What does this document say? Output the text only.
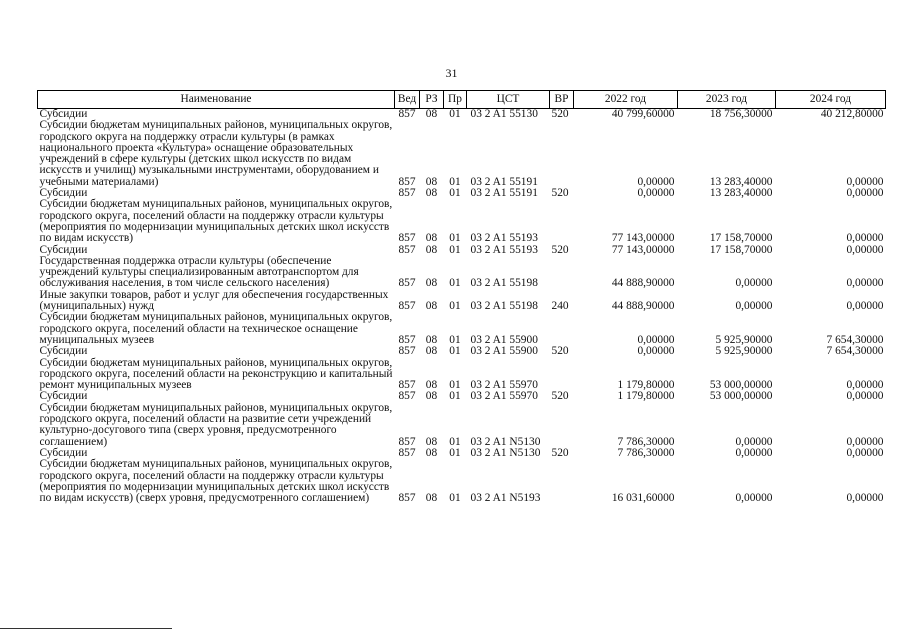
31
Наименование	Вед	РЗ	Пр	ЦСТ	ВР	2022 год	2023 год	2024 год
Субсидии	857	08	01	03 2 A1 55130	520	40 799,60000	18 756,30000	40 212,80000
Субсидии бюджетам муниципальных районов, муниципальных округов, городского округа на поддержку отрасли культуры (в рамках национального проекта «Культура» оснащение образовательных учреждений в сфере культуры (детских школ искусств по видам искусств и училищ) музыкальными инструментами, оборудованием и учебными материалами)	857	08	01	03 2 A1 55191		0,00000	13 283,40000	0,00000
Субсидии	857	08	01	03 2 A1 55191	520	0,00000	13 283,40000	0,00000
Субсидии бюджетам муниципальных районов, муниципальных округов, городского округа, поселений области на поддержку отрасли культуры (мероприятия по модернизации муниципальных детских школ искусств по видам искусств)	857	08	01	03 2 A1 55193		77 143,00000	17 158,70000	0,00000
Субсидии	857	08	01	03 2 A1 55193	520	77 143,00000	17 158,70000	0,00000
Государственная поддержка отрасли культуры (обеспечение учреждений культуры специализированным автотранспортом для обслуживания населения, в том числе сельского населения)	857	08	01	03 2 A1 55198		44 888,90000	0,00000	0,00000
Иные закупки товаров, работ и услуг для обеспечения государственных (муниципальных) нужд	857	08	01	03 2 A1 55198	240	44 888,90000	0,00000	0,00000
Субсидии бюджетам муниципальных районов, муниципальных округов, городского округа, поселений области на техническое оснащение муниципальных музеев	857	08	01	03 2 A1 55900		0,00000	5 925,90000	7 654,30000
Субсидии	857	08	01	03 2 A1 55900	520	0,00000	5 925,90000	7 654,30000
Субсидии бюджетам муниципальных районов, муниципальных округов, городского округа, поселений области на реконструкцию и капитальный ремонт муниципальных музеев	857	08	01	03 2 A1 55970		1 179,80000	53 000,00000	0,00000
Субсидии	857	08	01	03 2 A1 55970	520	1 179,80000	53 000,00000	0,00000
Субсидии бюджетам муниципальных районов, муниципальных округов, городского округа, поселений области на развитие сети учреждений культурно-досугового типа (сверх уровня, предусмотренного соглашением)	857	08	01	03 2 A1 N5130		7 786,30000	0,00000	0,00000
Субсидии	857	08	01	03 2 A1 N5130	520	7 786,30000	0,00000	0,00000
Субсидии бюджетам муниципальных районов, муниципальных округов, городского округа, поселений области на поддержку отрасли культуры (мероприятия по модернизации муниципальных детских школ искусств по видам искусств) (сверх уровня, предусмотренного соглашением)	857	08	01	03 2 A1 N5193		16 031,60000	0,00000	0,00000
